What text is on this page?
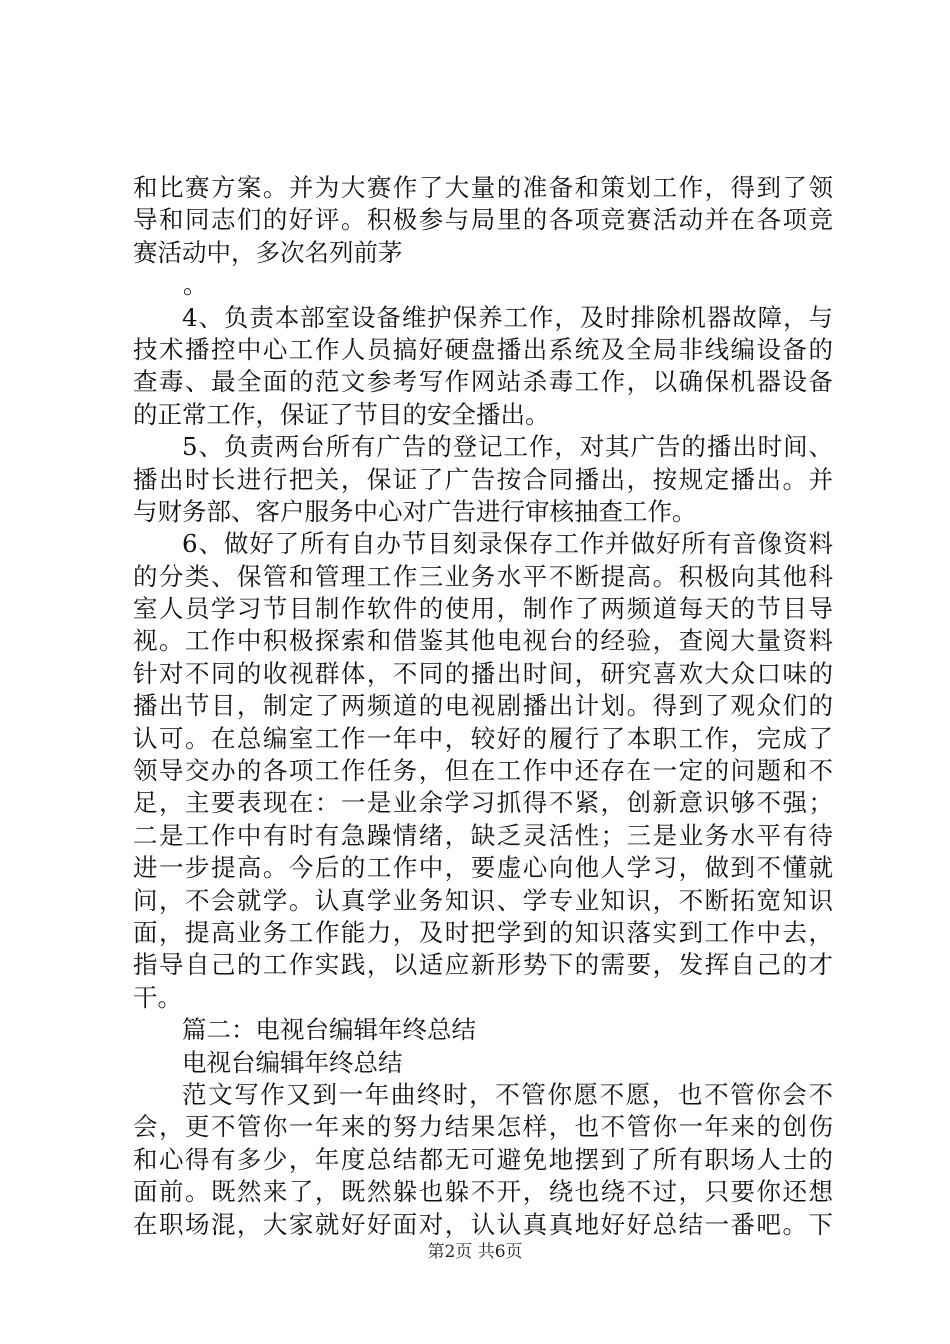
和比赛方案。并为大赛作了大量的准备和策划工作，得到了领
导和同志们的好评。积极参与局里的各项竞赛活动并在各项竞
赛活动中，多次名列前茅
。
4、负责本部室设备维护保养工作，及时排除机器故障，与
技术播控中心工作人员搞好硬盘播出系统及全局非线编设备的
查毒、最全面的范文参考写作网站杀毒工作，以确保机器设备
的正常工作，保证了节目的安全播出。
5、负责两台所有广告的登记工作，对其广告的播出时间、
播出时长进行把关，保证了广告按合同播出，按规定播出。并
与财务部、客户服务中心对广告进行审核抽查工作。
6、做好了所有自办节目刻录保存工作并做好所有音像资料
的分类、保管和管理工作三业务水平不断提高。积极向其他科
室人员学习节目制作软件的使用，制作了两频道每天的节目导
视。工作中积极探索和借鉴其他电视台的经验，查阅大量资料
针对不同的收视群体，不同的播出时间，研究喜欢大众口味的
播出节目，制定了两频道的电视剧播出计划。得到了观众们的
认可。在总编室工作一年中，较好的履行了本职工作，完成了
领导交办的各项工作任务，但在工作中还存在一定的问题和不
足，主要表现在：一是业余学习抓得不紧，创新意识够不强；
二是工作中有时有急躁情绪，缺乏灵活性；三是业务水平有待
进一步提高。今后的工作中，要虚心向他人学习，做到不懂就
问，不会就学。认真学业务知识、学专业知识，不断拓宽知识
面，提高业务工作能力，及时把学到的知识落实到工作中去，
指导自己的工作实践，以适应新形势下的需要，发挥自己的才
干。
篇二：电视台编辑年终总结
电视台编辑年终总结
范文写作又到一年曲终时，不管你愿不愿，也不管你会不
会，更不管你一年来的努力结果怎样，也不管你一年来的创伤
和心得有多少，年度总结都无可避免地摆到了所有职场人士的
面前。既然来了，既然躲也躲不开，绕也绕不过，只要你还想
在职场混，大家就好好面对，认认真真地好好总结一番吧。下
第2页 共6页
